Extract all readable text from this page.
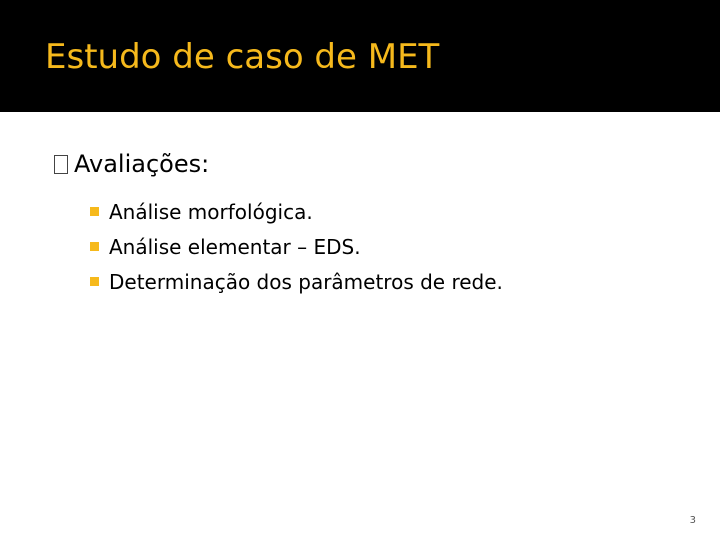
Estudo de caso de MET
Avaliações:
Análise morfológica.
Análise elementar – EDS.
Determinação dos parâmetros de rede.
3
